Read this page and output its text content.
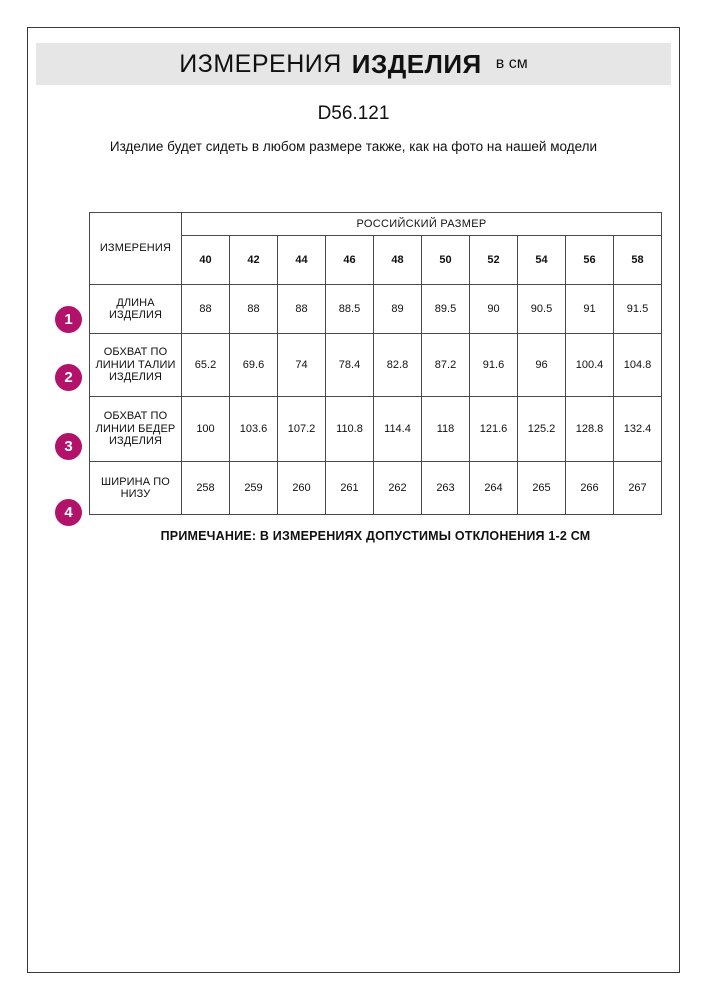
ИЗМЕРЕНИЯ ИЗДЕЛИЯ в см
D56.121
Изделие будет сидеть в любом размере также, как на фото на нашей модели
1
2
3
4
ИЗМЕРЕНИЯ	РОССИЙСКИЙ РАЗМЕР									
	40	42	44	46	48	50	52	54	56	58
ДЛИНА ИЗДЕЛИЯ	88	88	88	88.5	89	89.5	90	90.5	91	91.5
ОБХВАТ ПО ЛИНИИ ТАЛИИ ИЗДЕЛИЯ	65.2	69.6	74	78.4	82.8	87.2	91.6	96	100.4	104.8
ОБХВАТ ПО ЛИНИИ БЕДЕР ИЗДЕЛИЯ	100	103.6	107.2	110.8	114.4	118	121.6	125.2	128.8	132.4
ШИРИНА ПО НИЗУ	258	259	260	261	262	263	264	265	266	267
ПРИМЕЧАНИЕ: В ИЗМЕРЕНИЯХ ДОПУСТИМЫ ОТКЛОНЕНИЯ 1-2 СМ
